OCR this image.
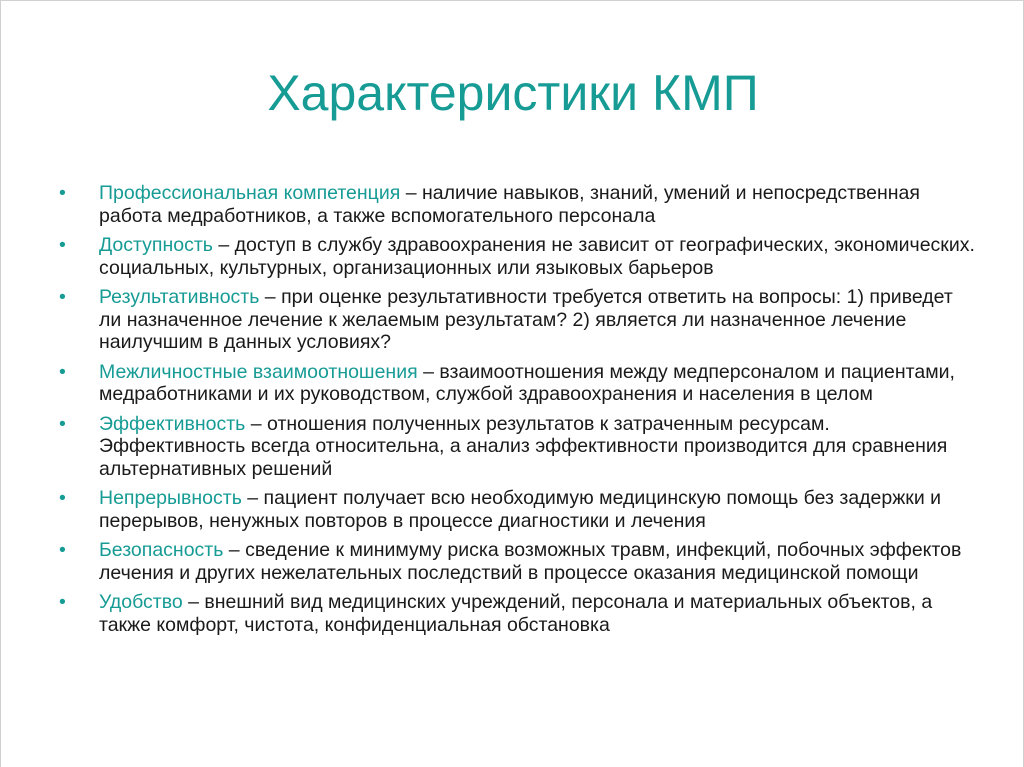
Характеристики КМП
• Профессиональная компетенция – наличие навыков, знаний, умений и непосредственная работа медработников, а также вспомогательного персонала
• Доступность – доступ в службу здравоохранения не зависит от географических, экономических. социальных, культурных, организационных или языковых барьеров
• Результативность – при оценке результативности требуется ответить на вопросы: 1) приведет ли назначенное лечение к желаемым результатам? 2) является ли назначенное лечение наилучшим в данных условиях?
• Межличностные взаимоотношения – взаимоотношения между медперсоналом и пациентами, медработниками и их руководством, службой здравоохранения и населения в целом
• Эффективность – отношения полученных результатов к затраченным ресурсам. Эффективность всегда относительна, а анализ эффективности производится для сравнения альтернативных решений
• Непрерывность – пациент получает всю необходимую медицинскую помощь без задержки и перерывов, ненужных повторов в процессе диагностики и лечения
• Безопасность – сведение к минимуму риска возможных травм, инфекций, побочных эффектов лечения и других нежелательных последствий в процессе оказания медицинской помощи
• Удобство – внешний вид медицинских учреждений, персонала и материальных объектов, а также комфорт, чистота, конфиденциальная обстановка
